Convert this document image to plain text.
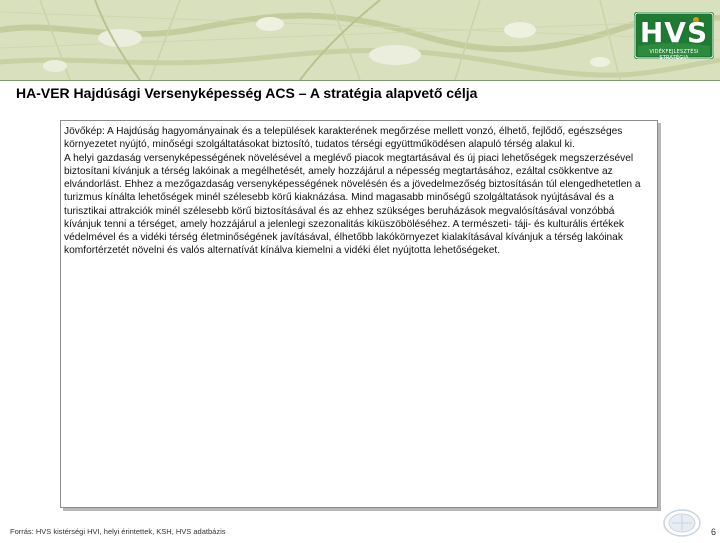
HVS
VIDÉKFEJLESZTÉSI STRATÉGIA
HA-VER Hajdúsági Versenyképesség ACS – A stratégia alapvető célja

Jövőkép: A Hajdúság hagyományainak és a települések karakterének megőrzése mellett vonzó, élhető, fejlődő, egészséges környezetet nyújtó, minőségi szolgáltatásokat biztosító, tudatos térségi együttműködésen alapuló térség alakul ki.

A helyi gazdaság versenyképességének növelésével a meglévő piacok megtartásával és új piaci lehetőségek megszerzésével biztosítani kívánjuk a térség lakóinak a megélhetését, amely hozzájárul a népesség megtartásához, ezáltal csökkentve az elvándorlást. Ehhez a mezőgazdaság versenyképességének növelésén és a jövedelmezőség biztosításán túl elengedhetetlen a turizmus kínálta lehetőségek minél szélesebb körű kiaknázása. Mind magasabb minőségű szolgáltatások nyújtásával és a turisztikai attrakciók minél szélesebb körű biztosításával és az ehhez szükséges beruházások megvalósításával vonzóbbá kívánjuk tenni a térséget, amely hozzájárul a jelenlegi szezonalitás kiküszöböléséhez. A természeti- táji- és kulturális értékek védelmével és a vidéki térség életminőségének javításával, élhetőbb lakókörnyezet kialakításával kívánjuk a térség lakóinak komfortérzetét növelni és valós alternatívát kínálva kiemelni a vidéki élet nyújtotta lehetőségeket.

Forrás: HVS kistérségi HVI, helyi érintettek, KSH, HVS adatbázis	6
